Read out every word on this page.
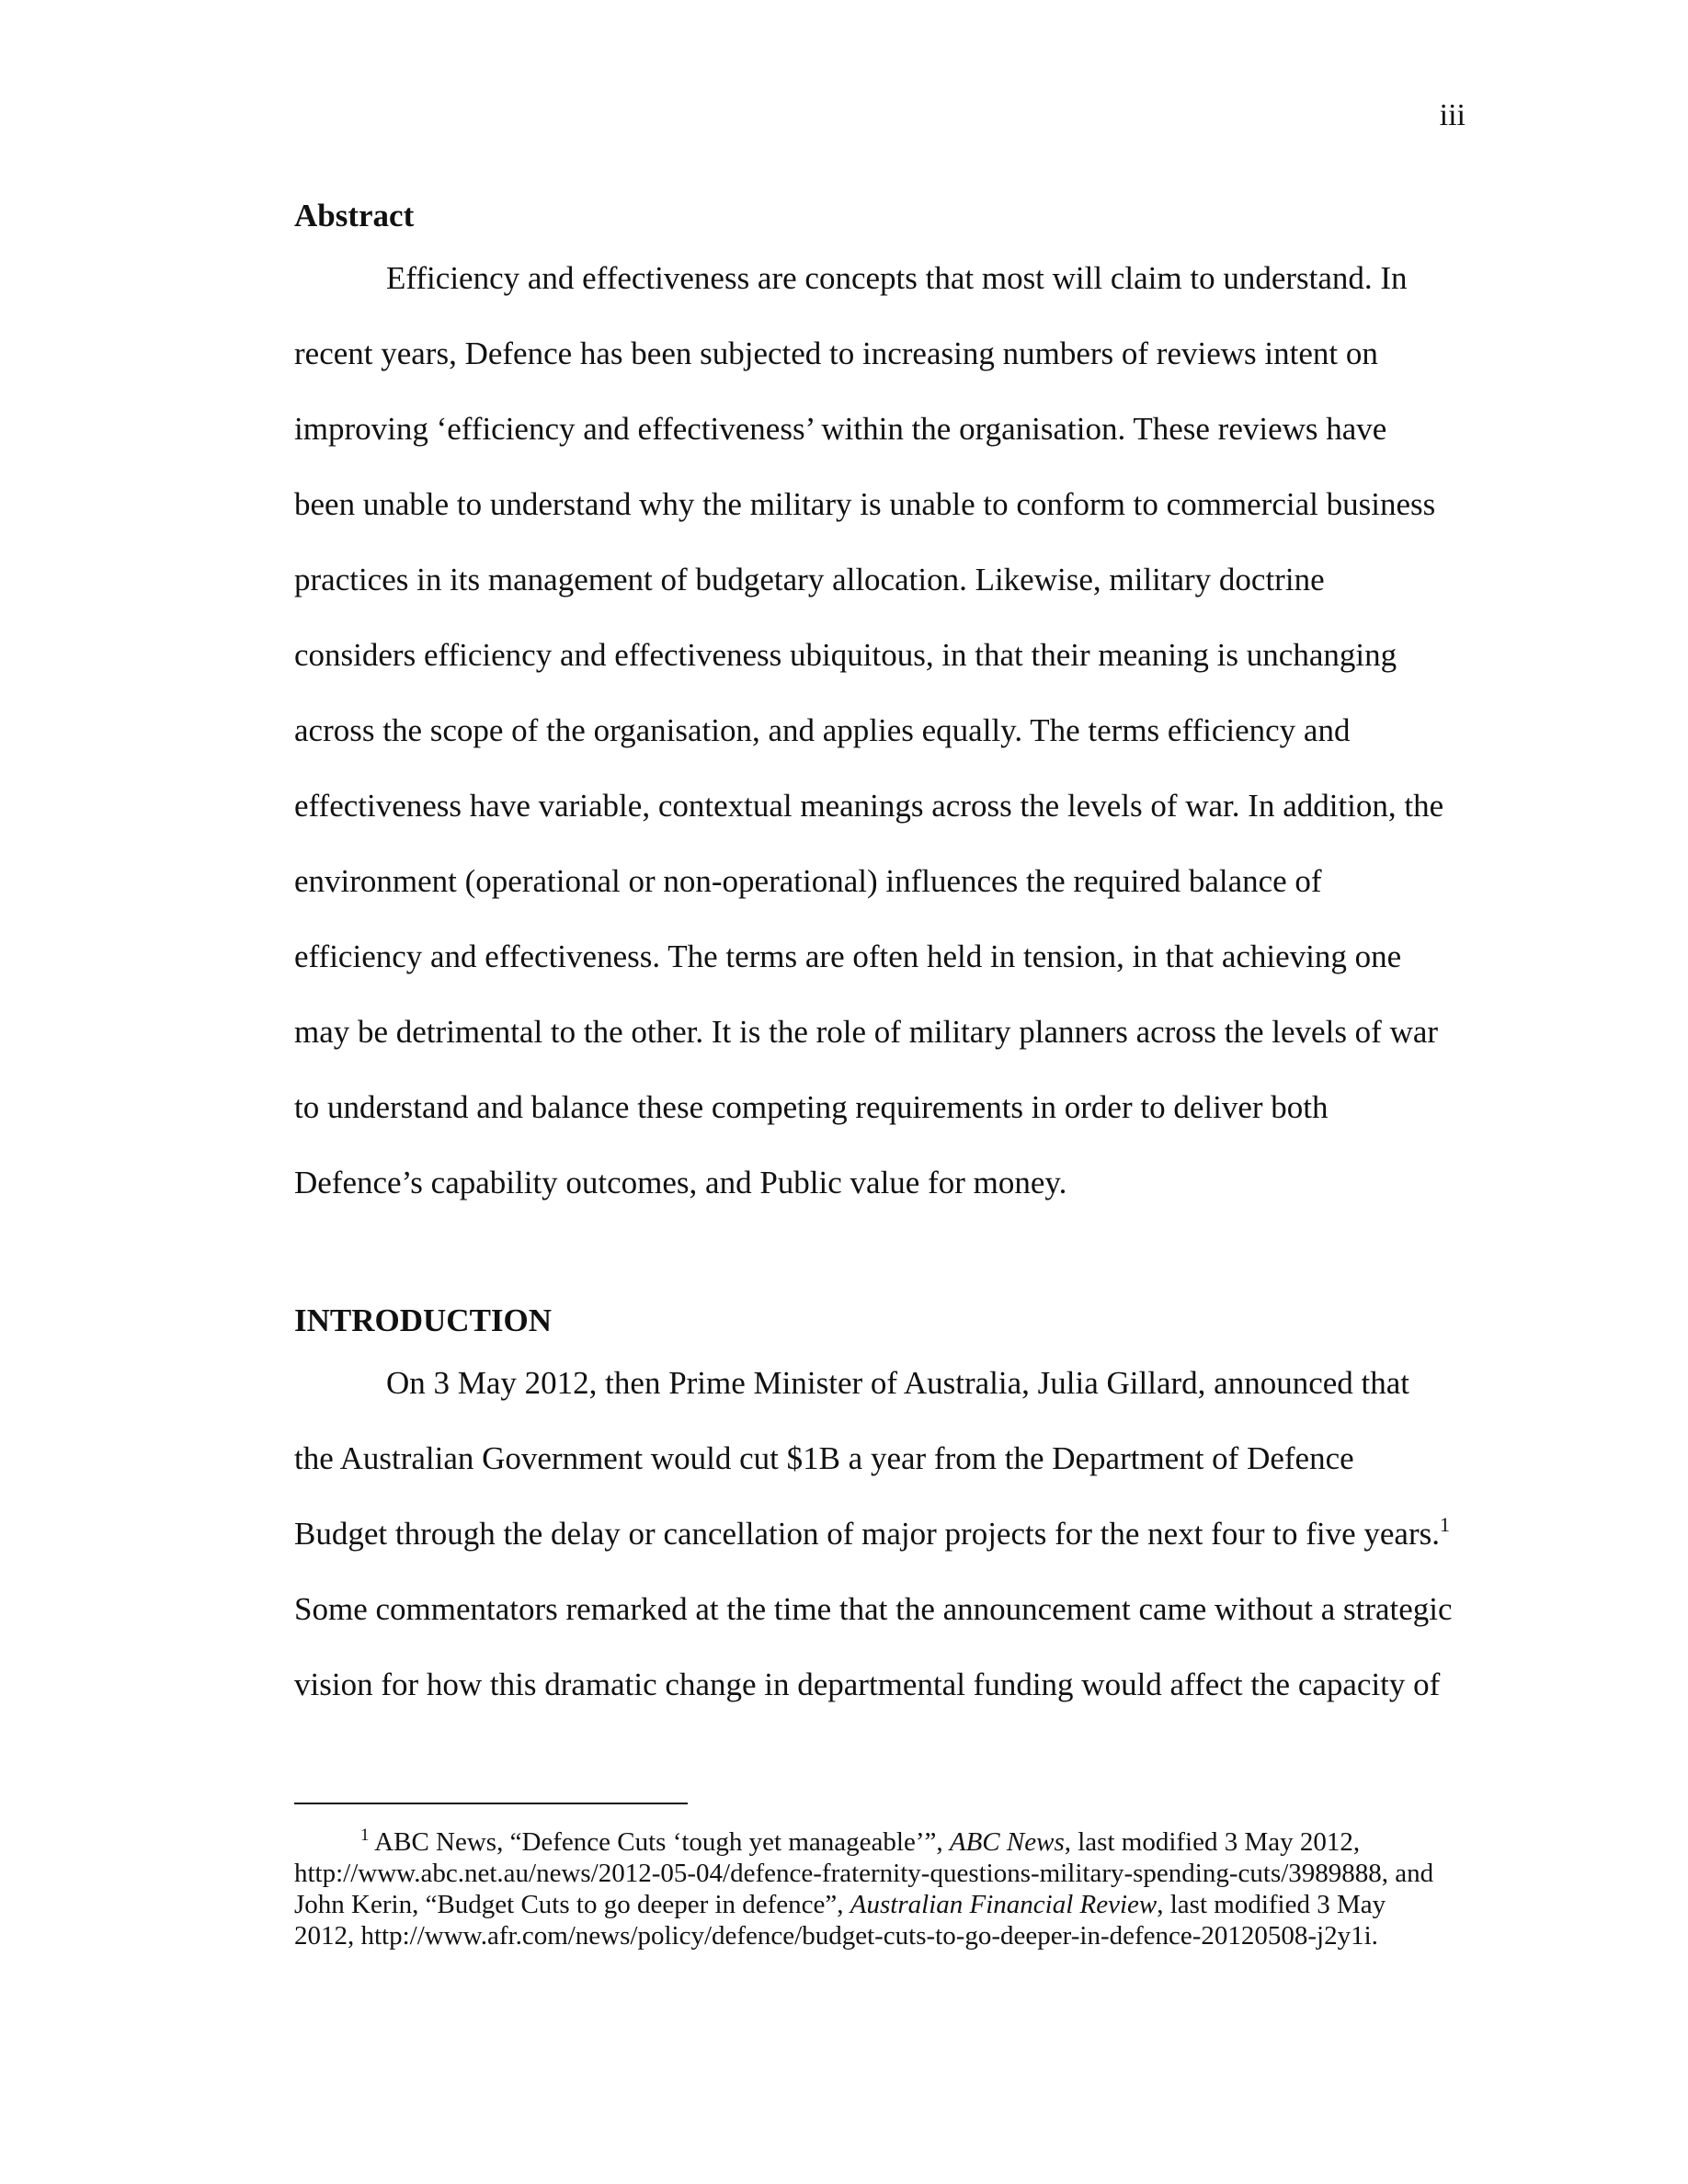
iii
Abstract
Efficiency and effectiveness are concepts that most will claim to understand. In
recent years, Defence has been subjected to increasing numbers of reviews intent on
improving ‘efficiency and effectiveness’ within the organisation. These reviews have
been unable to understand why the military is unable to conform to commercial business
practices in its management of budgetary allocation. Likewise, military doctrine
considers efficiency and effectiveness ubiquitous, in that their meaning is unchanging
across the scope of the organisation, and applies equally. The terms efficiency and
effectiveness have variable, contextual meanings across the levels of war. In addition, the
environment (operational or non-operational) influences the required balance of
efficiency and effectiveness. The terms are often held in tension, in that achieving one
may be detrimental to the other. It is the role of military planners across the levels of war
to understand and balance these competing requirements in order to deliver both
Defence’s capability outcomes, and Public value for money.
INTRODUCTION
On 3 May 2012, then Prime Minister of Australia, Julia Gillard, announced that
the Australian Government would cut $1B a year from the Department of Defence
Budget through the delay or cancellation of major projects for the next four to five years.$^1$
Some commentators remarked at the time that the announcement came without a strategic
vision for how this dramatic change in departmental funding would affect the capacity of
$^1$ ABC News, “Defence Cuts ‘tough yet manageable’”, ABC News, last modified 3 May 2012,
http://www.abc.net.au/news/2012-05-04/defence-fraternity-questions-military-spending-cuts/3989888, and
John Kerin, “Budget Cuts to go deeper in defence”, Australian Financial Review, last modified 3 May
2012, http://www.afr.com/news/policy/defence/budget-cuts-to-go-deeper-in-defence-20120508-j2y1i.
